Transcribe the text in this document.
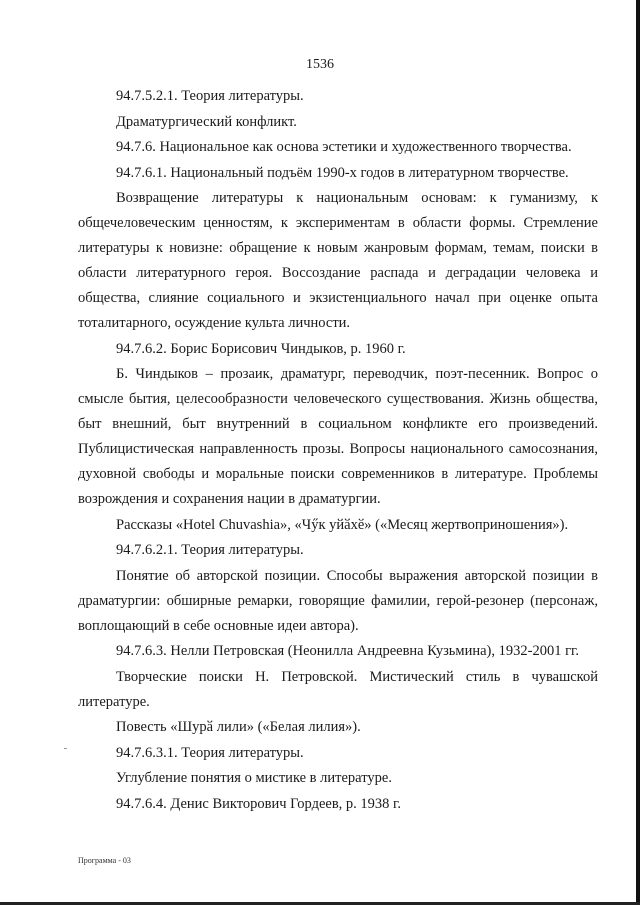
1536

94.7.5.2.1. Теория литературы.

Драматургический конфликт.

94.7.6. Национальное как основа эстетики и художественного творчества.

94.7.6.1. Национальный подъём 1990-х годов в литературном творчестве.

Возвращение литературы к национальным основам: к гуманизму, к общечеловеческим ценностям, к экспериментам в области формы. Стремление литературы к новизне: обращение к новым жанровым формам, темам, поиски в области литературного героя. Воссоздание распада и деградации человека и общества, слияние социального и экзистенциального начал при оценке опыта тоталитарного, осуждение культа личности.

94.7.6.2. Борис Борисович Чиндыков, р. 1960 г.

Б. Чиндыков – прозаик, драматург, переводчик, поэт-песенник. Вопрос о смысле бытия, целесообразности человеческого существования. Жизнь общества, быт внешний, быт внутренний в социальном конфликте его произведений. Публицистическая направленность прозы. Вопросы национального самосознания, духовной свободы и моральные поиски современников в литературе. Проблемы возрождения и сохранения нации в драматургии.

Рассказы «Hotel Chuvashia», «Чӳк уйӑхӗ» («Месяц жертвоприношения»).

94.7.6.2.1. Теория литературы.

Понятие об авторской позиции. Способы выражения авторской позиции в драматургии: обширные ремарки, говорящие фамилии, герой-резонер (персонаж, воплощающий в себе основные идеи автора).

94.7.6.3. Нелли Петровская (Неонилла Андреевна Кузьмина), 1932-2001 гг.

Творческие поиски Н. Петровской. Мистический стиль в чувашской литературе.

Повесть «Шурӑ лили» («Белая лилия»).

94.7.6.3.1. Теория литературы.

Углубление понятия о мистике в литературе.

94.7.6.4. Денис Викторович Гордеев, р. 1938 г.

Программа - 03
